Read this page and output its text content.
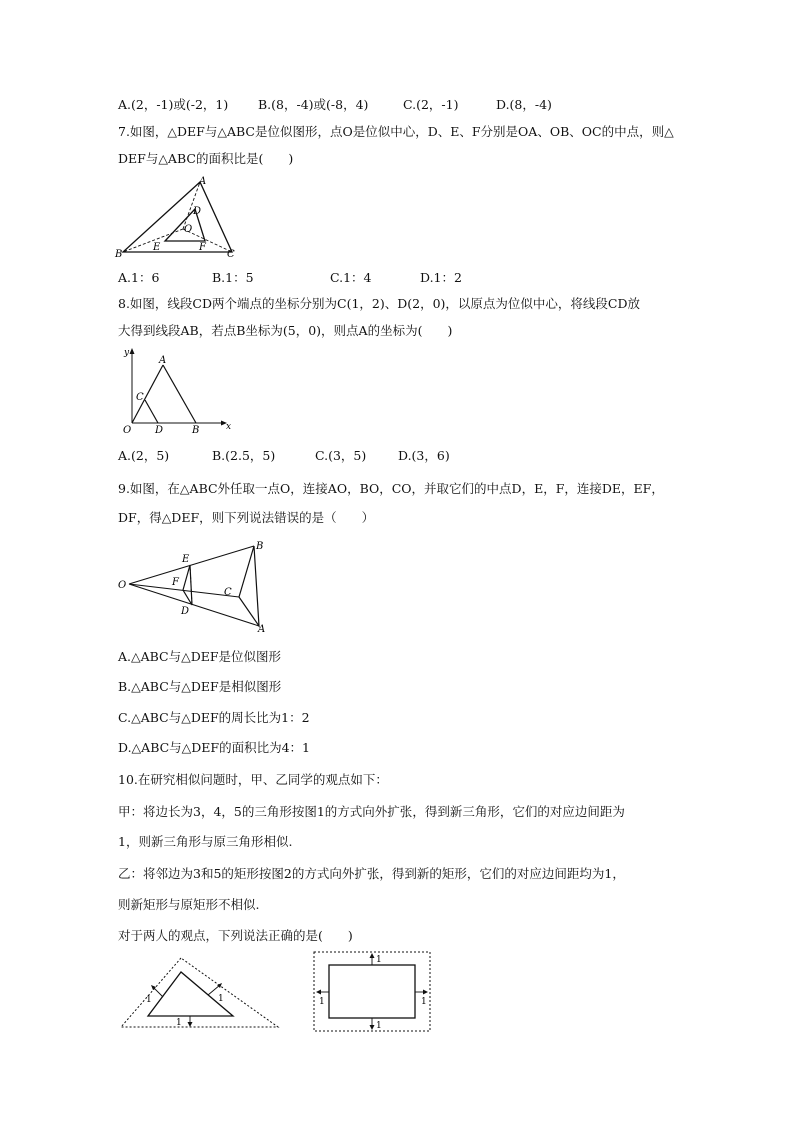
A.(2，-1)或(-2，1) B.(8，-4)或(-8，4)	C.(2，-1)	D.(8，-4)
7.如图，△DEF与△ABC是位似图形，点O是位似中心，D、E、F分别是OA、OB、OC的中点，则△
DEF与△ABC的面积比是(　　)
A
B	C
D
E	F
O
A.1：6	B.1：5	C.1：4	D.1：2
8.如图，线段CD两个端点的坐标分别为C(1，2)、D(2，0)，以原点为位似中心，将线段CD放
大得到线段AB，若点B坐标为(5，0)，则点A的坐标为(　　)
y
x
A
C
O D	B
A.(2，5)	B.(2.5，5)	C.(3，5)	D.(3，6)
9.如图，在△ABC外任取一点O，连接AO，BO，CO，并取它们的中点D，E，F，连接DE，EF，
DF，得△DEF，则下列说法错误的是（　　）
O
E
F
D
B
C
A
A.△ABC与△DEF是位似图形
B.△ABC与△DEF是相似图形
C.△ABC与△DEF的周长比为1：2
D.△ABC与△DEF的面积比为4：1
10.在研究相似问题时，甲、乙同学的观点如下：
甲：将边长为3，4，5的三角形按图1的方式向外扩张，得到新三角形，它们的对应边间距为
1，则新三角形与原三角形相似.
乙：将邻边为3和5的矩形按图2的方式向外扩张，得到新的矩形，它们的对应边间距均为1，
则新矩形与原矩形不相似.
对于两人的观点，下列说法正确的是(　　)
1	1
1
1
1
1	1
